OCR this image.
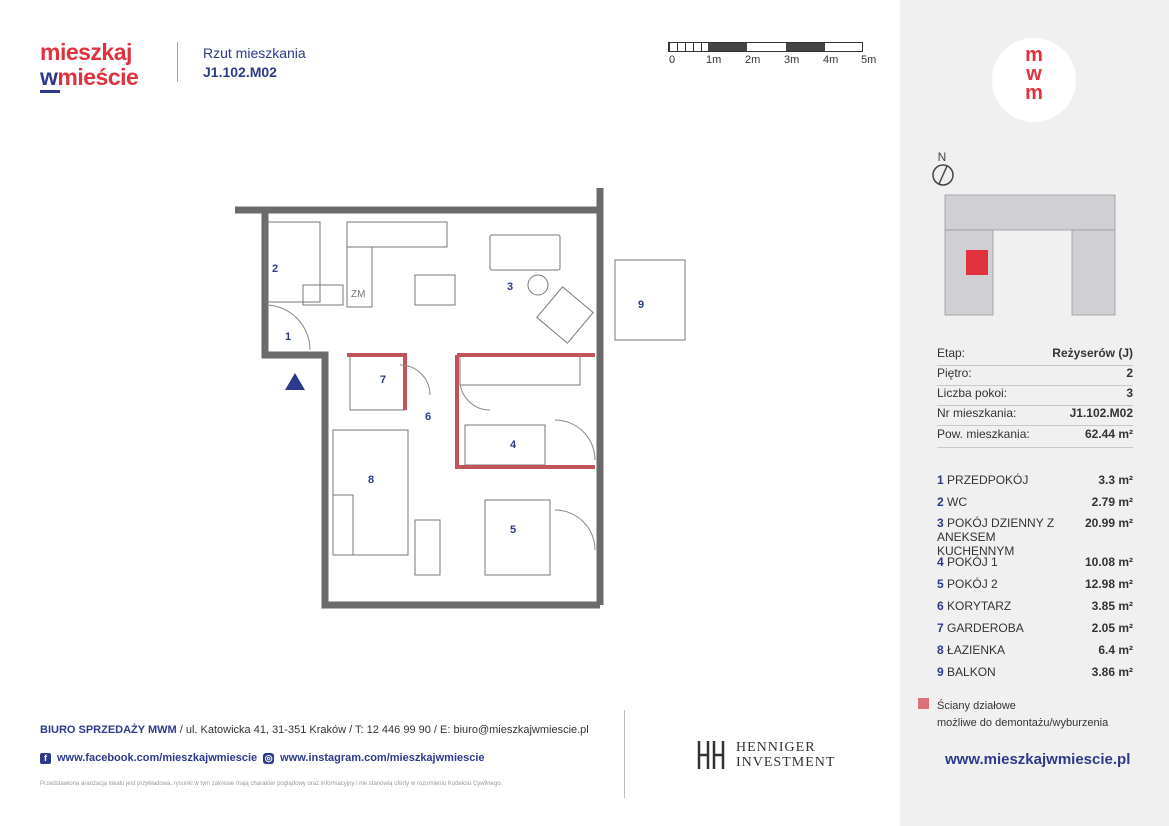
mieszkaj
wmieście
Rzut mieszkania
J1.102.M02
0	1m 2m 3m 4m 5m
2
1
3
9
7
6
4
8
5
ZM
m
w
m
N
Etap:	Reżyserów (J)
Piętro:	2
Liczba pokoi:	3
Nr mieszkania:	J1.102.M02
Pow. mieszkania:	62.44 m²
1 PRZEDPOKÓJ	3.3 m²
2 WC	2.79 m²
3 POKÓJ DZIENNY Z ANEKSEM KUCHENNYM
20.99 m²
4 POKÓJ 1	10.08 m²
5 POKÓJ 2	12.98 m²
6 KORYTARZ	3.85 m²
7 GARDEROBA	2.05 m²
8 ŁAZIENKA	6.4 m²
9 BALKON	3.86 m²
Ściany działowe
możliwe do demontażu/wyburzenia
www.mieszkajwmiescie.pl
BIURO SPRZEDAŻY MWM / ul. Katowicka 41, 31-351 Kraków / T: 12 446 99 90 / E: biuro@mieszkajwmiescie.pl
f www.facebook.com/mieszkajwmiescie ◎ www.instagram.com/mieszkajwmiescie
Przedstawiona aranżacja lokalu jest przykładowa, rysunki w tym zakresie mają charakter poglądowy oraz informacyjny i nie stanowią oferty w rozumieniu Kodeksu Cywilnego.
HENNIGER
INVESTMENT
